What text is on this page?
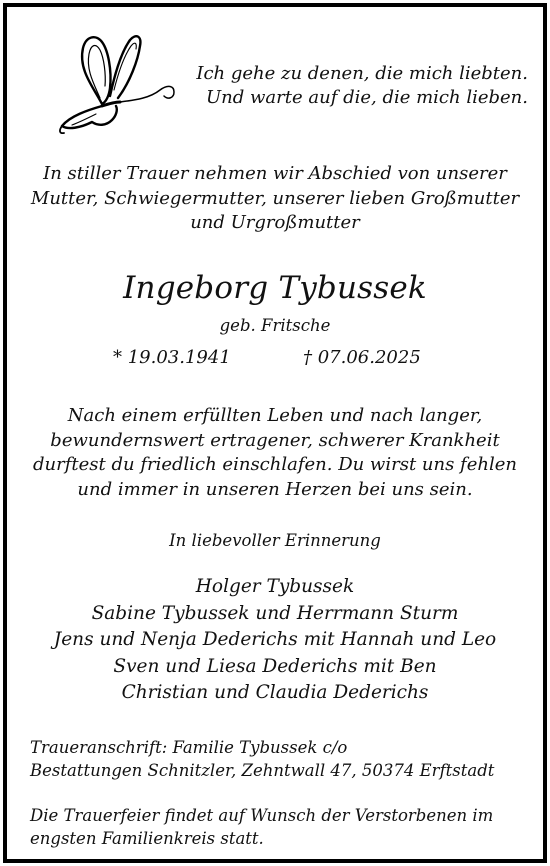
Ich gehe zu denen, die mich liebten.
Und warte auf die, die mich lieben.
In stiller Trauer nehmen wir Abschied von unserer
Mutter, Schwiegermutter, unserer lieben Großmutter
und Urgroßmutter
Ingeborg Tybussek
geb. Fritsche
* 19.03.1941	† 07.06.2025
Nach einem erfüllten Leben und nach langer,
bewundernswert ertragener, schwerer Krankheit
durftest du friedlich einschlafen. Du wirst uns fehlen
und immer in unseren Herzen bei uns sein.
In liebevoller Erinnerung
Holger Tybussek
Sabine Tybussek und Herrmann Sturm
Jens und Nenja Dederichs mit Hannah und Leo
Sven und Liesa Dederichs mit Ben
Christian und Claudia Dederichs
Traueranschrift: Familie Tybussek c/o
Bestattungen Schnitzler, Zehntwall 47, 50374 Erftstadt
Die Trauerfeier findet auf Wunsch der Verstorbenen im
engsten Familienkreis statt.
